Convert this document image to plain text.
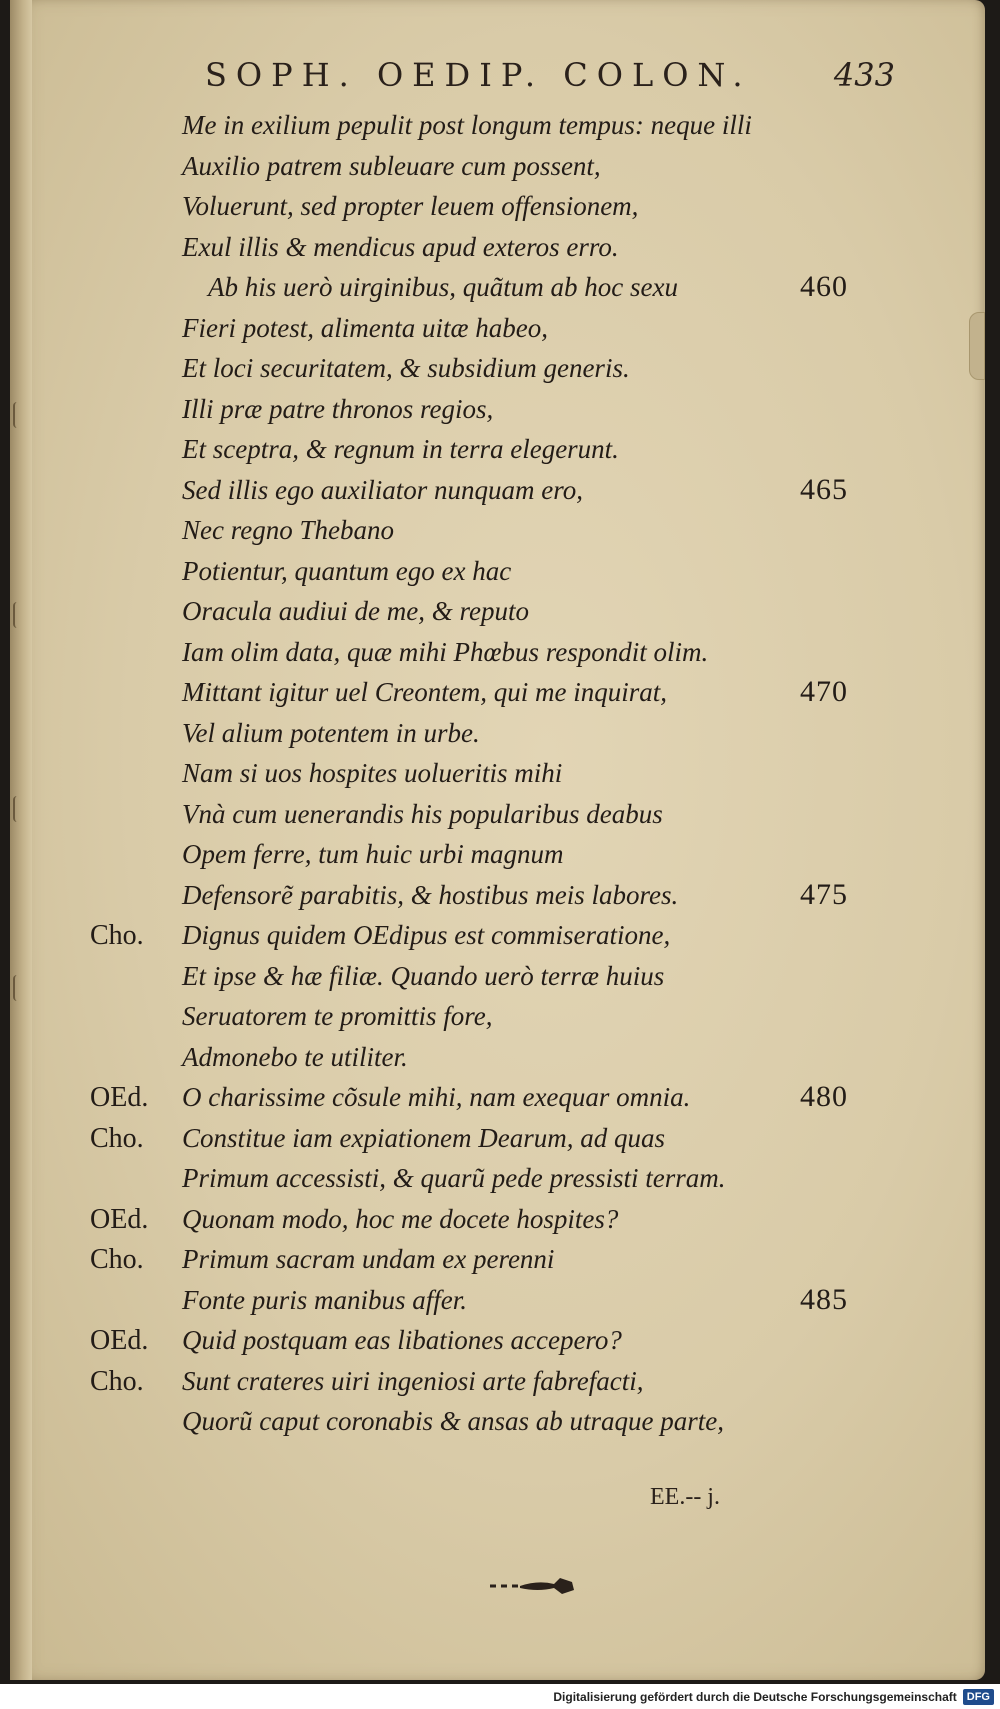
SOPH. OEDIP. COLON.	433
Me in exilium pepulit post longum tempus: neque illi
Auxilio patrem subleuare cum possent,
Voluerunt, sed propter leuem offensionem,
Exul illis & mendicus apud exteros erro.
Ab his uerò uirginibus, quãtum ab hoc sexu	460
Fieri potest, alimenta uitæ habeo,
Et loci securitatem, & subsidium generis.
Illi præ patre thronos regios,
Et sceptra, & regnum in terra elegerunt.
Sed illis ego auxiliator nunquam ero,	465
Nec regno Thebano
Potientur, quantum ego ex hac
Oracula audiui de me, & reputo
Iam olim data, quæ mihi Phœbus respondit olim.
Mittant igitur uel Creontem, qui me inquirat,	470
Vel alium potentem in urbe.
Nam si uos hospites uolueritis mihi
Vnà cum uenerandis his popularibus deabus
Opem ferre, tum huic urbi magnum
Defensorẽ parabitis, & hostibus meis labores.	475
Cho. Dignus quidem OEdipus est commiseratione,
Et ipse & hæ filiæ. Quando uerò terræ huius
Seruatorem te promittis fore,
Admonebo te utiliter.
OEd. O charissime cõsule mihi, nam exequar omnia.	480
Cho. Constitue iam expiationem Dearum, ad quas
Primum accessisti, & quarũ pede pressisti terram.
OEd. Quonam modo, hoc me docete hospites?
Cho. Primum sacram undam ex perenni
Fonte puris manibus affer.	485
OEd. Quid postquam eas libationes accepero?
Cho. Sunt crateres uiri ingeniosi arte fabrefacti,
Quorũ caput coronabis & ansas ab utraque parte,
EE.-- j.
Digitalisierung gefördert durch die Deutsche Forschungsgemeinschaft DFG
